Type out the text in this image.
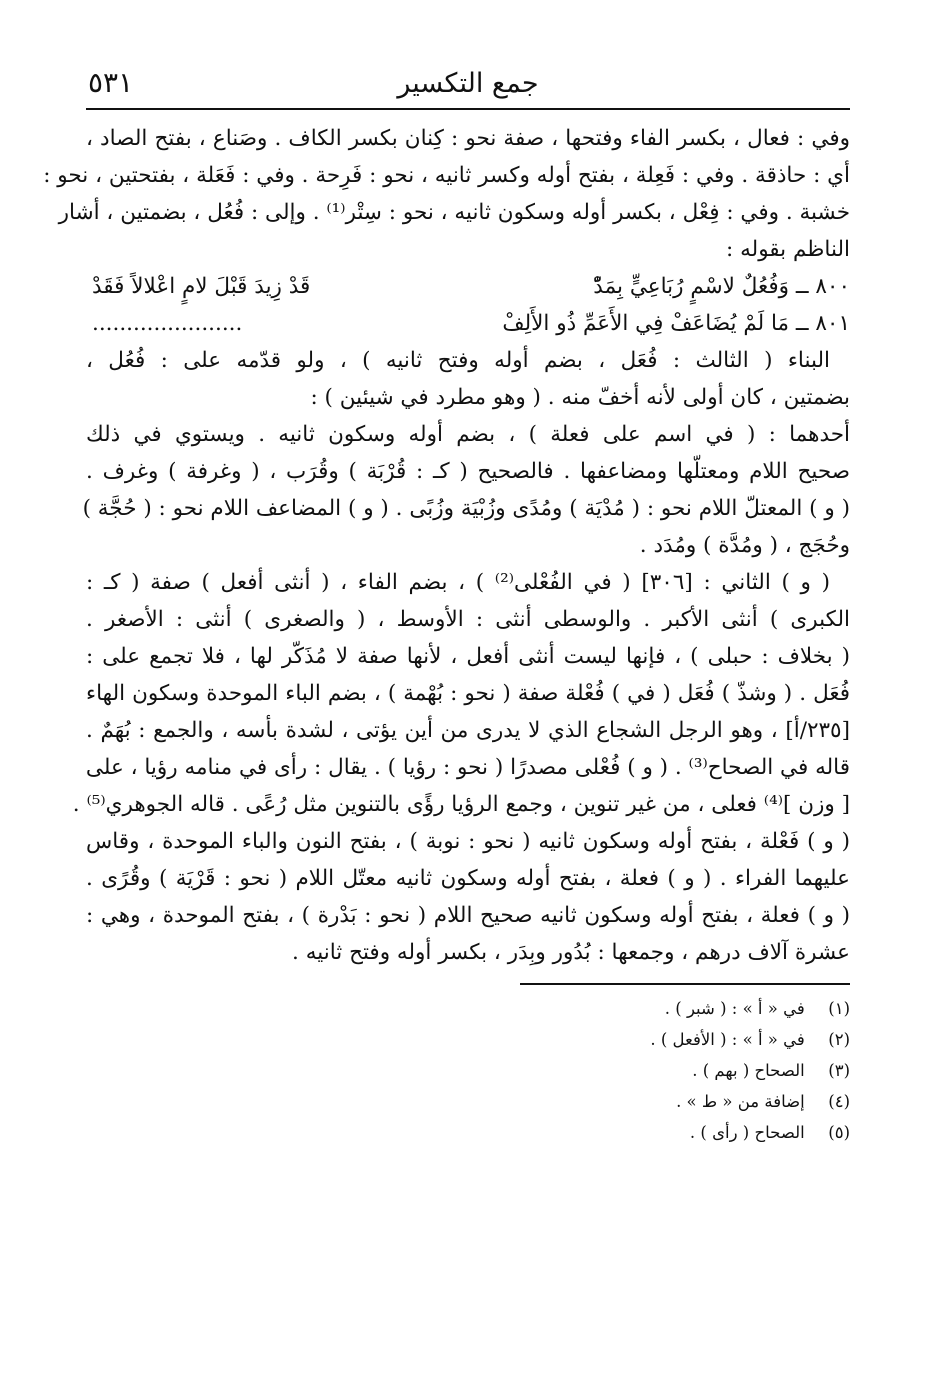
جمع التكسير
٥٣١
وفي : فعال ، بكسر الفاء وفتحها ، صفة نحو : كِنان بكسر الكاف . وصَناع ، بفتح الصاد ،
أي : حاذقة . وفي : فَعِلة ، بفتح أوله وكسر ثانيه ، نحو : فَرِحة . وفي : فَعَلة ، بفتحتين ، نحو :
خشبة . وفي : فِعْل ، بكسر أوله وسكون ثانيه ، نحو : سِتْر⁽¹⁾ . وإلى : فُعُل ، بضمتين ، أشار
الناظم بقوله :
٨٠٠ ــ وَفُعُلٌ لاسْمٍ رُبَاعِيٍّ بِمَدّْ
قَدْ زِيدَ قَبْلَ لامٍ اعْلالاً فَقَدْ
٨٠١ ــ مَا لَمْ يُضَاعَفْ فِي الأَعَمِّ ذُو الأَلِفْ
......................
البناء ( الثالث : فُعَل ، بضم أوله وفتح ثانيه ) ، ولو قدّمه على : فُعُل ،
بضمتين ، كان أولى لأنه أخفّ منه . ( وهو مطرد في شيئين ) :
أحدهما : ( في اسم على فعلة ) ، بضم أوله وسكون ثانيه . ويستوي في ذلك
صحيح اللام ومعتلّها ومضاعفها . فالصحيح ( كـ : قُرْبَة ) وقُرَب ، ( وغرفة ) وغرف .
( و ) المعتلّ اللام نحو : ( مُدْيَة ) ومُدًى وزُبْيَة وزُبًى . ( و ) المضاعف اللام نحو : ( حُجَّة )
وحُجَج ، ( ومُدَّة ) ومُدَد .
( و ) الثاني : [٣٠٦] ( في الفُعْلى⁽²⁾ ) ، بضم الفاء ، ( أنثى أفعل ) صفة ( كـ :
الكبرى ) أنثى الأكبر . والوسطى أنثى : الأوسط ، ( والصغرى ) أنثى : الأصغر .
( بخلاف : حبلى ) ، فإنها ليست أنثى أفعل ، لأنها صفة لا مُذَكّر لها ، فلا تجمع على :
فُعَل . ( وشذّ ) فُعَل ( في ) فُعْلة صفة ( نحو : بُهْمة ) ، بضم الباء الموحدة وسكون الهاء
[٢٣٥/أ] ، وهو الرجل الشجاع الذي لا يدرى من أين يؤتى ، لشدة بأسه ، والجمع : بُهَمٌ .
قاله في الصحاح⁽³⁾ . ( و ) فُعْلى مصدرًا ( نحو : رؤيا ) . يقال : رأى في منامه رؤيا ، على
[ وزن ]⁽⁴⁾ فعلى ، من غير تنوين ، وجمع الرؤيا رؤًى بالتنوين مثل رُعًى . قاله الجوهري⁽⁵⁾ .
( و ) فَعْلة ، بفتح أوله وسكون ثانيه ( نحو : نوبة ) ، بفتح النون والباء الموحدة ، وقاس
عليهما الفراء . ( و ) فعلة ، بفتح أوله وسكون ثانيه معتّل اللام ( نحو : قَرْيَة ) وقُرًى .
( و ) فعلة ، بفتح أوله وسكون ثانيه صحيح اللام ( نحو : بَدْرة ) ، بفتح الموحدة ، وهي :
عشرة آلاف درهم ، وجمعها : بُدُور وبِدَر ، بكسر أوله وفتح ثانيه .
(١) في « أ » : ( شبر ) .
(٢) في « أ » : ( الأفعل ) .
(٣) الصحاح ( بهم ) .
(٤) إضافة من « ط » .
(٥) الصحاح ( رأى ) .
